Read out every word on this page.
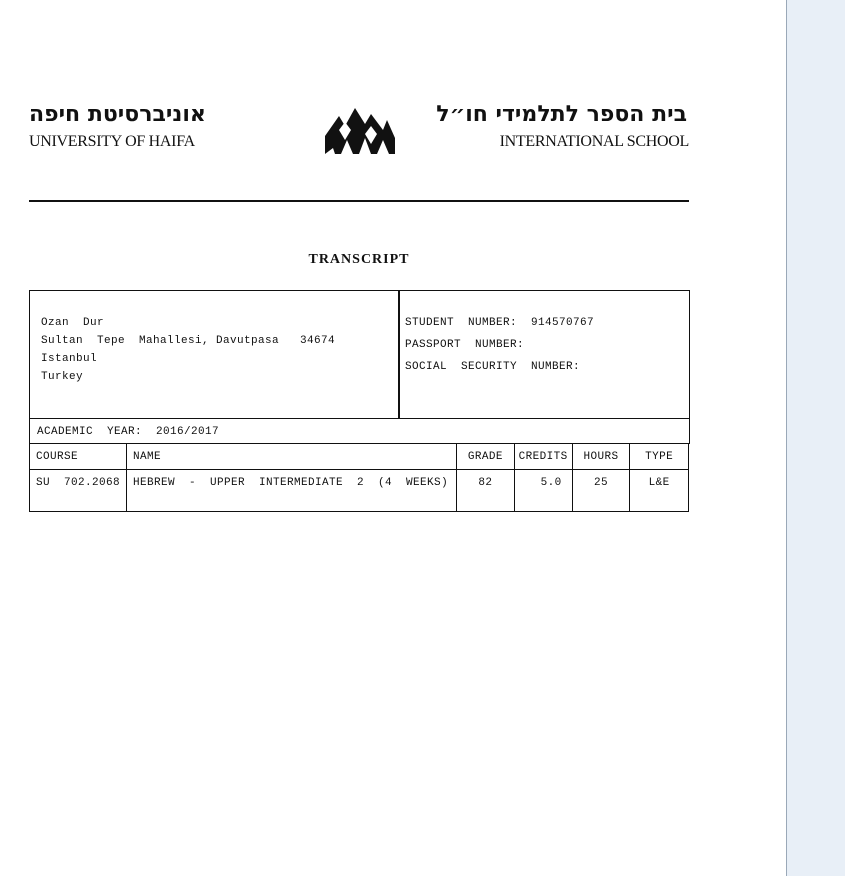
אוניברסיטת חיפה
UNIVERSITY OF HAIFA
בית הספר לתלמידי חו״ל
INTERNATIONAL SCHOOL
TRANSCRIPT
Ozan  Dur
Sultan  Tepe  Mahallesi, Davutpasa   34674
Istanbul
Turkey
STUDENT  NUMBER:  914570767
PASSPORT  NUMBER:
SOCIAL  SECURITY  NUMBER:
ACADEMIC  YEAR:  2016/2017
COURSE	NAME	GRADE	CREDITS	HOURS	TYPE
SU  702.2068	HEBREW  -  UPPER  INTERMEDIATE  2  (4  WEEKS)	82	5.0	25	L&E
